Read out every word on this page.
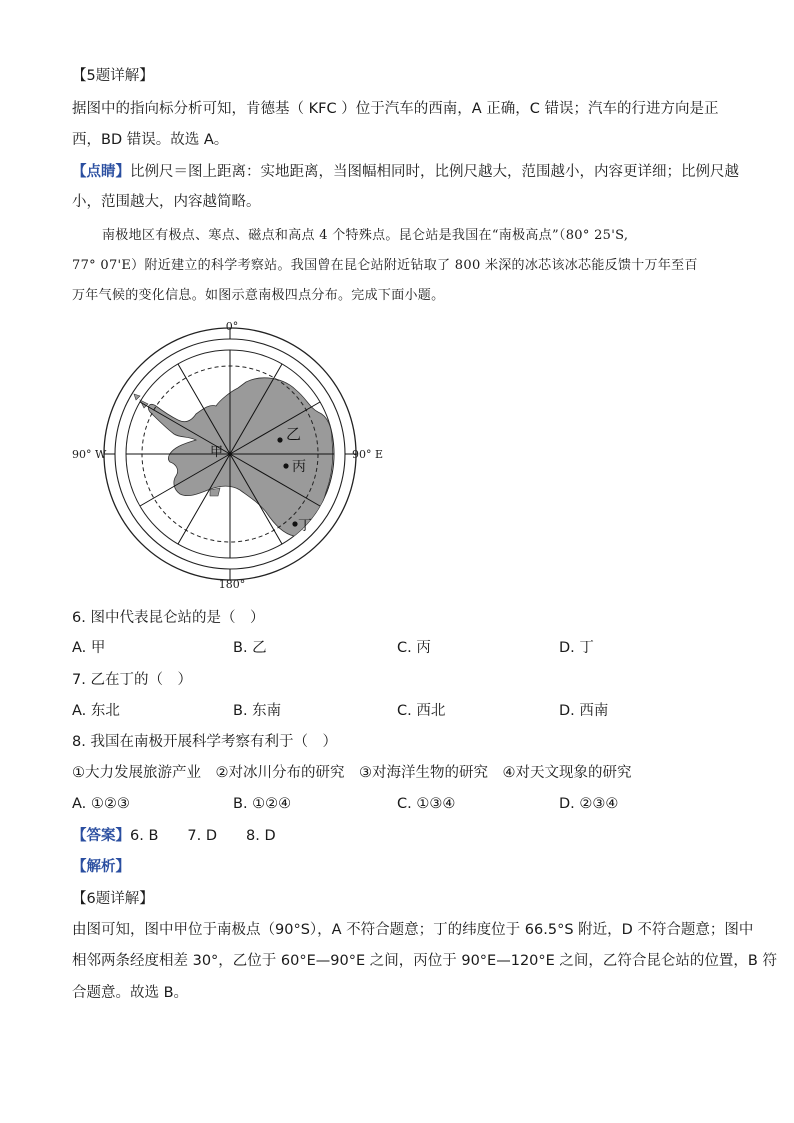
【5题详解】
据图中的指向标分析可知，肯德基（ KFC ）位于汽车的西南，A 正确，C 错误；汽车的行进方向是正
西，BD 错误。故选 A。
【点睛】比例尺＝图上距离：实地距离，当图幅相同时，比例尺越大，范围越小，内容更详细；比例尺越
小，范围越大，内容越简略。
南极地区有极点、寒点、磁点和高点 4 个特殊点。昆仑站是我国在“南极高点”（80° 25'S,
77° 07'E）附近建立的科学考察站。我国曾在昆仑站附近钻取了 800 米深的冰芯该冰芯能反馈十万年至百
万年气候的变化信息。如图示意南极四点分布。完成下面小题。
0°
180°
90° W	90° E
甲
乙
丙
丁
6. 图中代表昆仑站的是（　）
A. 甲	B. 乙	C. 丙	D. 丁
7. 乙在丁的（　）
A. 东北	B. 东南	C. 西北	D. 西南
8. 我国在南极开展科学考察有利于（　）
①大力发展旅游产业　②对冰川分布的研究　③对海洋生物的研究　④对天文现象的研究
A. ①②③	B. ①②④	C. ①③④	D. ②③④
【答案】6. B　　7. D　　8. D
【解析】
【6题详解】
由图可知，图中甲位于南极点（90°S），A 不符合题意；丁的纬度位于 66.5°S 附近，D 不符合题意；图中
相邻两条经度相差 30°，乙位于 60°E—90°E 之间，丙位于 90°E—120°E 之间，乙符合昆仑站的位置，B 符
合题意。故选 B。
